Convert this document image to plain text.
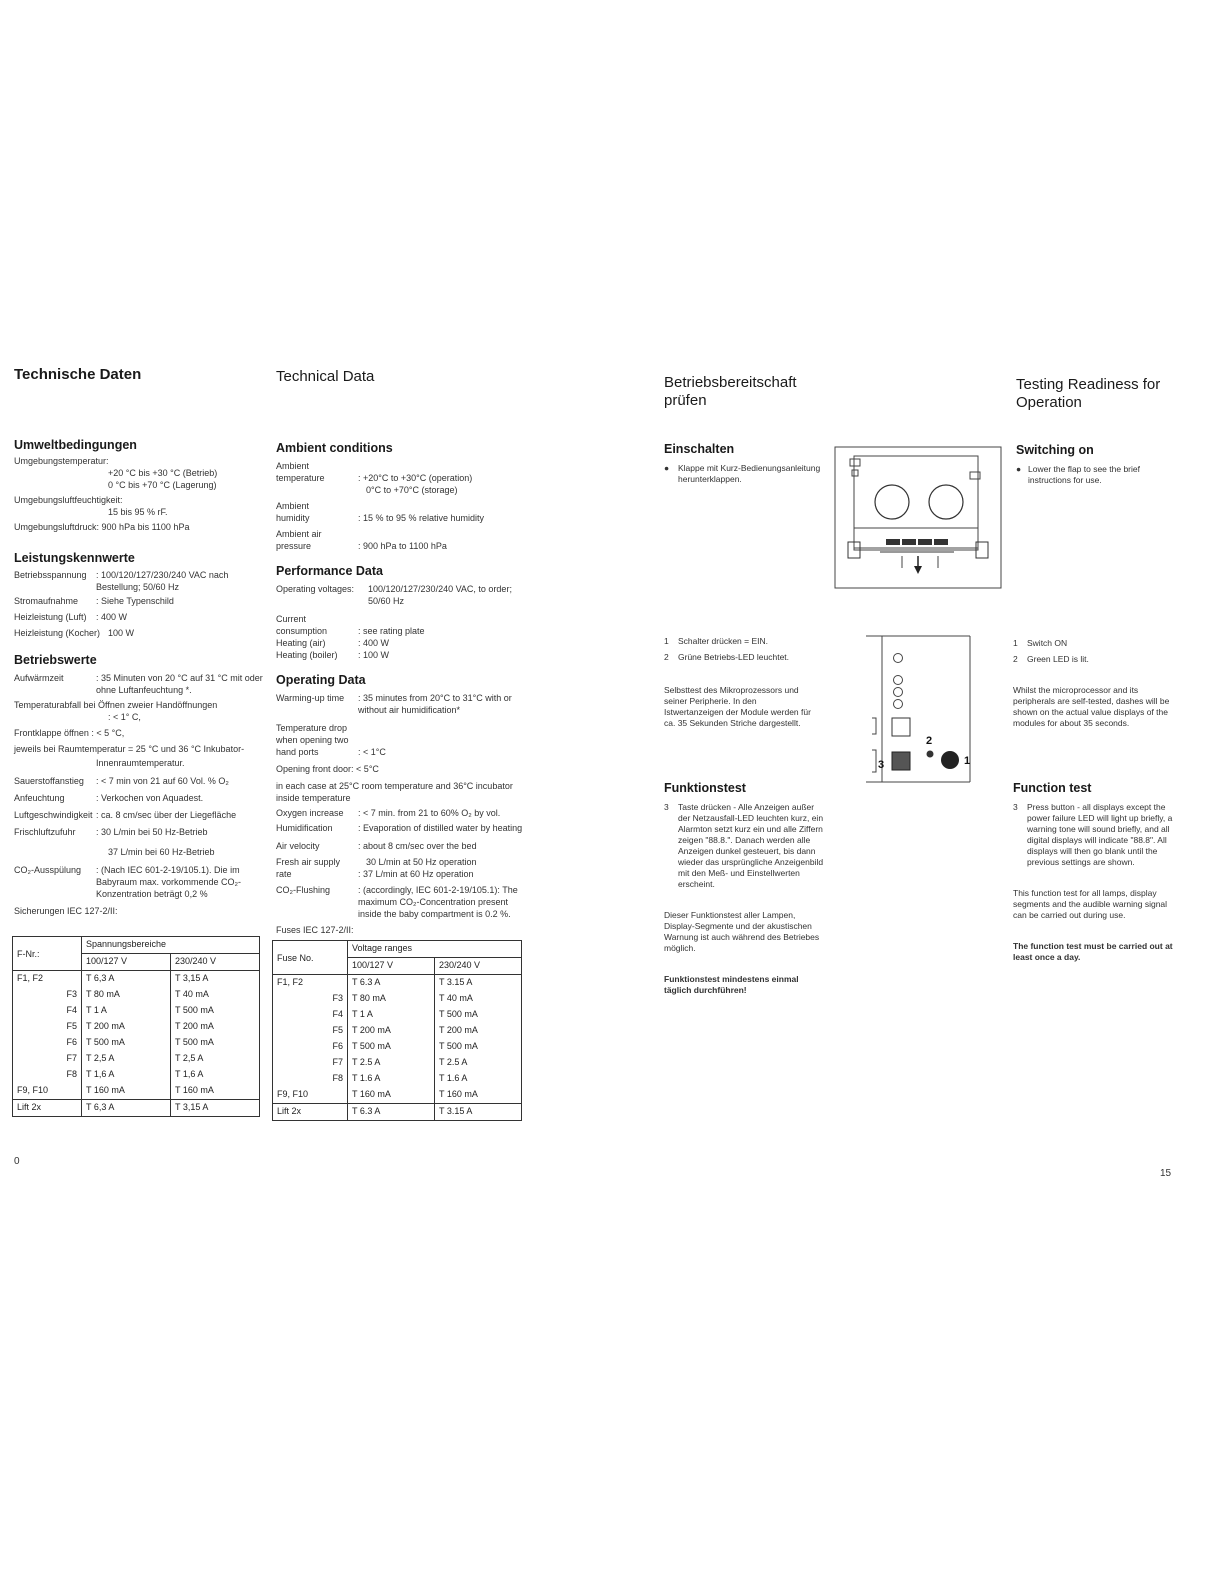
Technische Daten
Umweltbedingungen
Umgebungstemperatur:
+20 °C bis +30 °C (Betrieb)
0 °C bis +70 °C (Lagerung)
Umgebungsluftfeuchtigkeit:
15 bis 95 % rF.
Umgebungsluftdruck: 900 hPa bis 1100 hPa
Leistungskennwerte
Betriebsspannung	: 100/120/127/230/240 VAC nach Bestellung; 50/60 Hz
Stromaufnahme	: Siehe Typenschild
Heizleistung (Luft)	: 400 W
Heizleistung (Kocher) 100 W
Betriebswerte
Aufwärmzeit	: 35 Minuten von 20 °C auf 31 °C mit oder ohne Luftanfeuchtung *.
Temperaturabfall bei Öffnen zweier Handöffnungen
: < 1° C,
Frontklappe öffnen : < 5 °C,
jeweils bei Raumtemperatur = 25 °C und 36 °C Inkubator-
Innenraumtemperatur.
Sauerstoffanstieg	: < 7 min von 21 auf 60 Vol. % O₂
Anfeuchtung	: Verkochen von Aquadest.
Luftgeschwindigkeit : ca. 8 cm/sec über der Liegefläche
Frischluftzufuhr	: 30 L/min bei 50 Hz-Betrieb
37 L/min bei 60 Hz-Betrieb
CO₂-Ausspülung	: (Nach IEC 601-2-19/105.1). Die im Babyraum max. vorkommende CO₂-Konzentration beträgt 0,2 %
Sicherungen IEC 127-2/II:
F-Nr.:	Spannungsbereiche	
	100/127 V	230/240 V
F1, F2	T 6,3 A	T 3,15 A
F3	T 80 mA	T 40 mA
F4	T 1 A	T 500 mA
F5	T 200 mA	T 200 mA
F6	T 500 mA	T 500 mA
F7	T 2,5 A	T 2,5 A
F8	T 1,6 A	T 1,6 A
F9, F10	T 160 mA	T 160 mA
Lift 2x	T 6,3 A	T 3,15 A
Technical Data
Ambient conditions
Ambient temperature	: +20°C to +30°C (operation)
0°C to +70°C (storage)
Ambient humidity	: 15 % to 95 % relative humidity
Ambient air pressure	: 900 hPa to 1100 hPa
Performance Data
Operating voltages:	100/120/127/230/240 VAC, to order; 50/60 Hz
Current consumption	: see rating plate
Heating (air)	: 400 W
Heating (boiler)	: 100 W
Operating Data
Warming-up time	: 35 minutes from 20°C to 31°C with or without air humidification*
Temperature drop when opening two hand ports	: < 1°C
Opening front door: < 5°C
in each case at 25°C room temperature and 36°C incubator inside temperature
Oxygen increase	: < 7 min. from 21 to 60% O₂ by vol.
Humidification	: Evaporation of distilled water by heating
Air velocity	: about 8 cm/sec over the bed
Fresh air supply rate
30 L/min at 50 Hz operation
: 37 L/min at 60 Hz operation
CO₂-Flushing	: (accordingly, IEC 601-2-19/105.1): The maximum CO₂-Concentration present inside the baby compartment is 0.2 %.
Fuses IEC 127-2/II:
Fuse No.	Voltage ranges	
	100/127 V	230/240 V
F1, F2	T 6.3 A	T 3.15 A
F3	T 80 mA	T 40 mA
F4	T 1 A	T 500 mA
F5	T 200 mA	T 200 mA
F6	T 500 mA	T 500 mA
F7	T 2.5 A	T 2.5 A
F8	T 1.6 A	T 1.6 A
F9, F10	T 160 mA	T 160 mA
Lift 2x	T 6.3 A	T 3.15 A
Betriebsbereitschaft prüfen
Einschalten
●	Klappe mit Kurz-Bedienungsanleitung herunterklappen.
1	Schalter drücken = EIN.
2	Grüne Betriebs-LED leuchtet.
Selbsttest des Mikroprozessors und seiner Peripherie. In den Istwertanzeigen der Module werden für ca. 35 Sekunden Striche dargestellt.
Funktionstest
3	Taste drücken - Alle Anzeigen außer der Netzausfall-LED leuchten kurz, ein Alarmton setzt kurz ein und alle Ziffern zeigen "88.8.". Danach werden alle Anzeigen dunkel gesteuert, bis dann wieder das ursprüngliche Anzeigenbild mit den Meß- und Einstellwerten erscheint.
Dieser Funktionstest aller Lampen, Display-Segmente und der akustischen Warnung ist auch während des Betriebes möglich.
Funktionstest mindestens einmal täglich durchführen!
Testing Readiness for Operation
Switching on
● Lower the flap to see the brief instructions for use.
1	Switch ON
2	Green LED is lit.
Whilst the microprocessor and its peripherals are self-tested, dashes will be shown on the actual value displays of the modules for about 35 seconds.
Function test
3	Press button - all displays except the power failure LED will light up briefly, a warning tone will sound briefly, and all digital displays will indicate "88.8". All displays will then go blank until the previous settings are shown.
This function test for all lamps, display segments and the audible warning signal can be carried out during use.
The function test must be carried out at least once a day.
2
3	1
0
15
